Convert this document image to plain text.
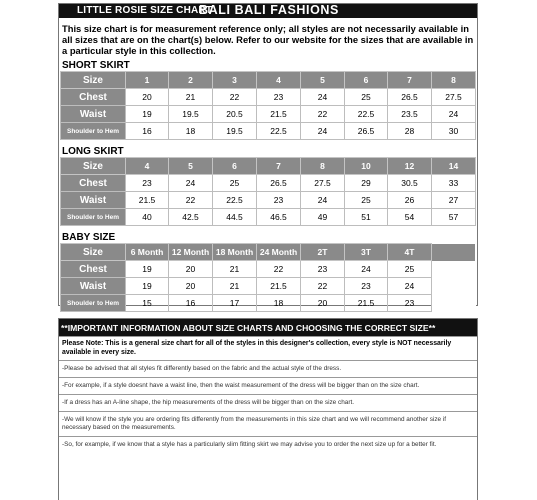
LITTLE ROSIE SIZE CHART
BALI BALI FASHIONS

This size chart is for measurement reference only; all styles are not necessarily available in all sizes that are on the chart(s) below. Refer to our website for the sizes that are available in a particular style in this collection.

SHORT SKIRT
Size	1	2	3	4	5	6	7	8
Chest	20	21	22	23	24	25	26.5	27.5
Waist	19	19.5	20.5	21.5	22	22.5	23.5	24
Shoulder to Hem	16	18	19.5	22.5	24	26.5	28	30
LONG SKIRT
Size	4	5	6	7	8	10	12	14
Chest	23	24	25	26.5	27.5	29	30.5	33
Waist	21.5	22	22.5	23	24	25	26	27
Shoulder to Hem	40	42.5	44.5	46.5	49	51	54	57
BABY SIZE
Size	6 Month	12 Month	18 Month	24 Month	2T	3T	4T	
Chest	19	20	21	22	23	24	25	
Waist	19	20	21	21.5	22	23	24	
Shoulder to Hem	15	16	17	18	20	21.5	23	
**IMPORTANT INFORMATION ABOUT SIZE CHARTS AND CHOOSING THE CORRECT SIZE**
Please Note: This is a general size chart for all of the styles in this designer's collection, every style is NOT necessarily available in every size.
-Please be advised that all styles fit differently based on the fabric and the actual style of the dress.
-For example, if a style doesnt have a waist line, then the waist measurement of the dress will be bigger than on the size chart.
-If a dress has an A-line shape, the hip measurements of the dress will be bigger than on the size chart.
-We will know if the style you are ordering fits differently from the measurements in this size chart and we will recommend another size if necessary based on the measurements.
-So, for example, if we know that a style has a particularly slim fitting skirt we may advise you to order the next size up for a better fit.
